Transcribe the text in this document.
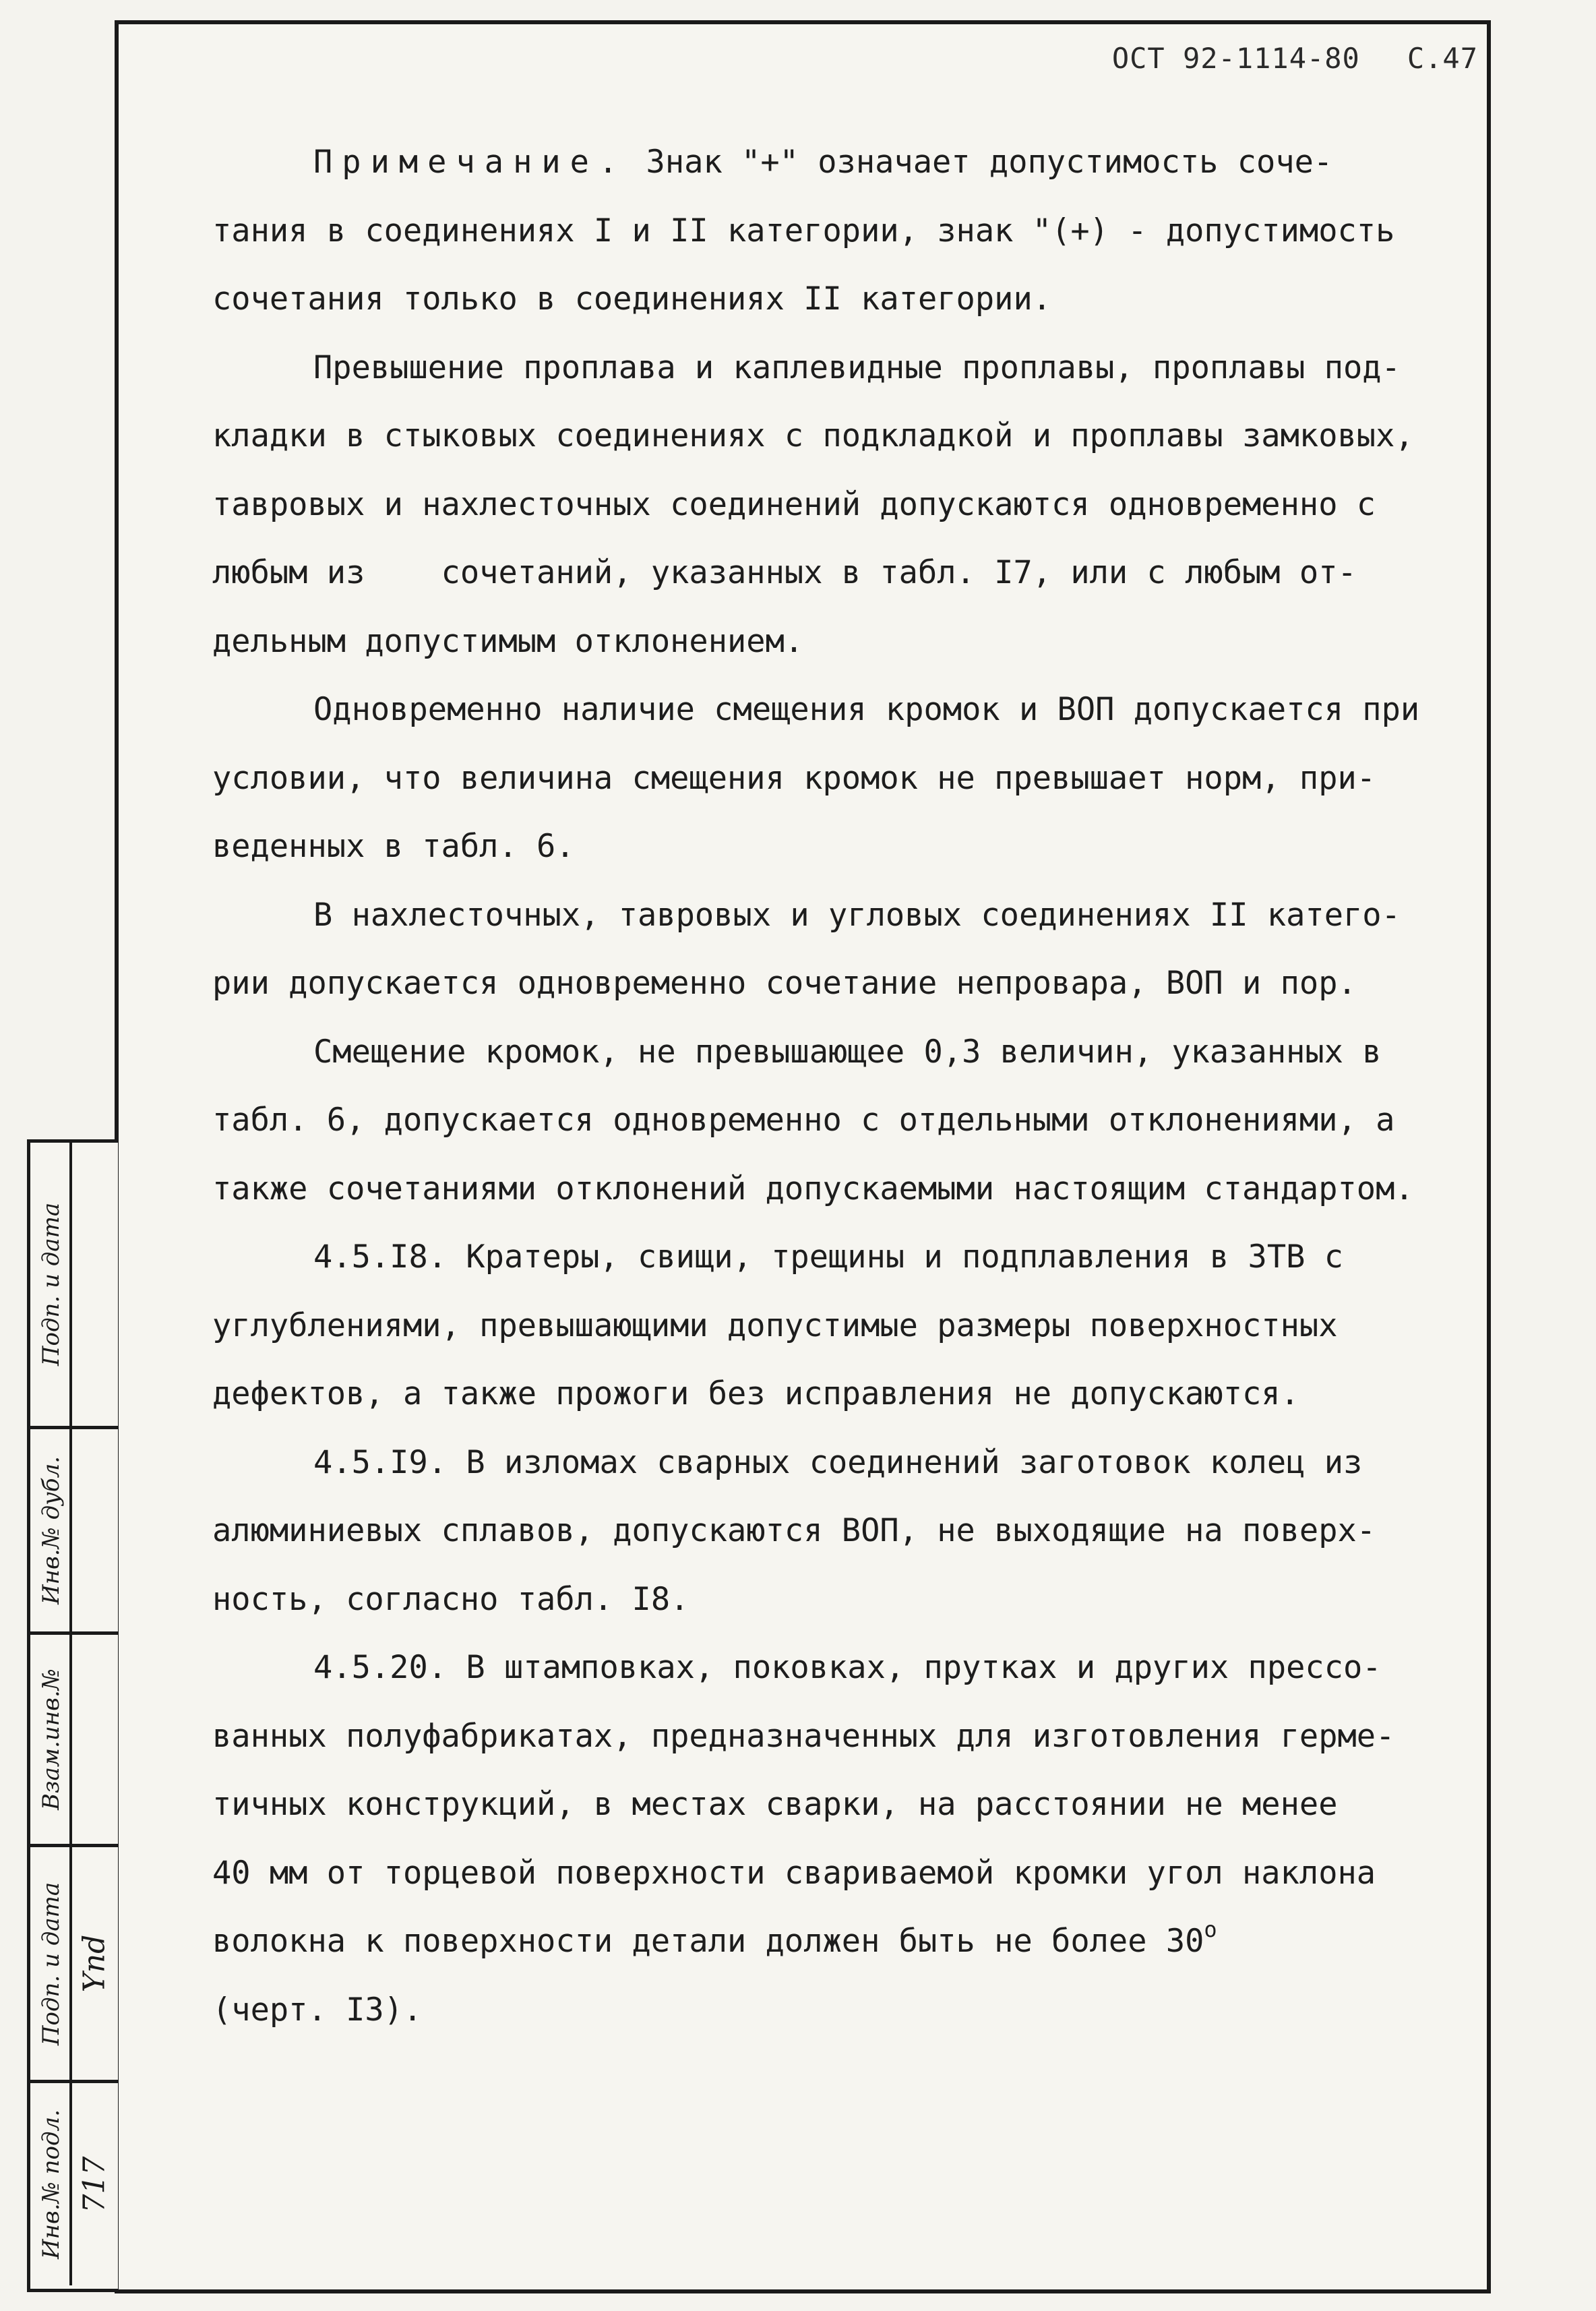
Подп. и дата
Инв.№ дубл.
Взам.инв.№
Подп. и дата Ynd
Инв.№ подл. 717
ОСТ 92-1114-80 С.47
Примечание. Знак "+" означает допустимость соче-
тания в соединениях I и II категории, знак "(+) - допустимость
сочетания только в соединениях II категории.
Превышение проплава и каплевидные проплавы, проплавы под-
кладки в стыковых соединениях с подкладкой и проплавы замковых,
тавровых и нахлесточных соединений допускаются одновременно с
любым из    сочетаний, указанных в табл. I7, или с любым от-
дельным допустимым отклонением.
Одновременно наличие смещения кромок и ВОП допускается при
условии, что величина смещения кромок не превышает норм, при-
веденных в табл. 6.
В нахлесточных, тавровых и угловых соединениях II катего-
рии допускается одновременно сочетание непровара, ВОП и пор.
Смещение кромок, не превышающее 0,3 величин, указанных в
табл. 6, допускается одновременно с отдельными отклонениями, а
также сочетаниями отклонений допускаемыми настоящим стандартом.
4.5.I8. Кратеры, свищи, трещины и подплавления в ЗТВ с
углублениями, превышающими допустимые размеры поверхностных
дефектов, а также прожоги без исправления не допускаются.
4.5.I9. В изломах сварных соединений заготовок колец из
алюминиевых сплавов, допускаются ВОП, не выходящие на поверх-
ность, согласно табл. I8.
4.5.20. В штамповках, поковках, прутках и других прессо-
ванных полуфабрикатах, предназначенных для изготовления герме-
тичных конструкций, в местах сварки, на расстоянии не менее
40 мм от торцевой поверхности свариваемой кромки угол наклона
волокна к поверхности детали должен быть не более $30^о$
(черт. I3).
